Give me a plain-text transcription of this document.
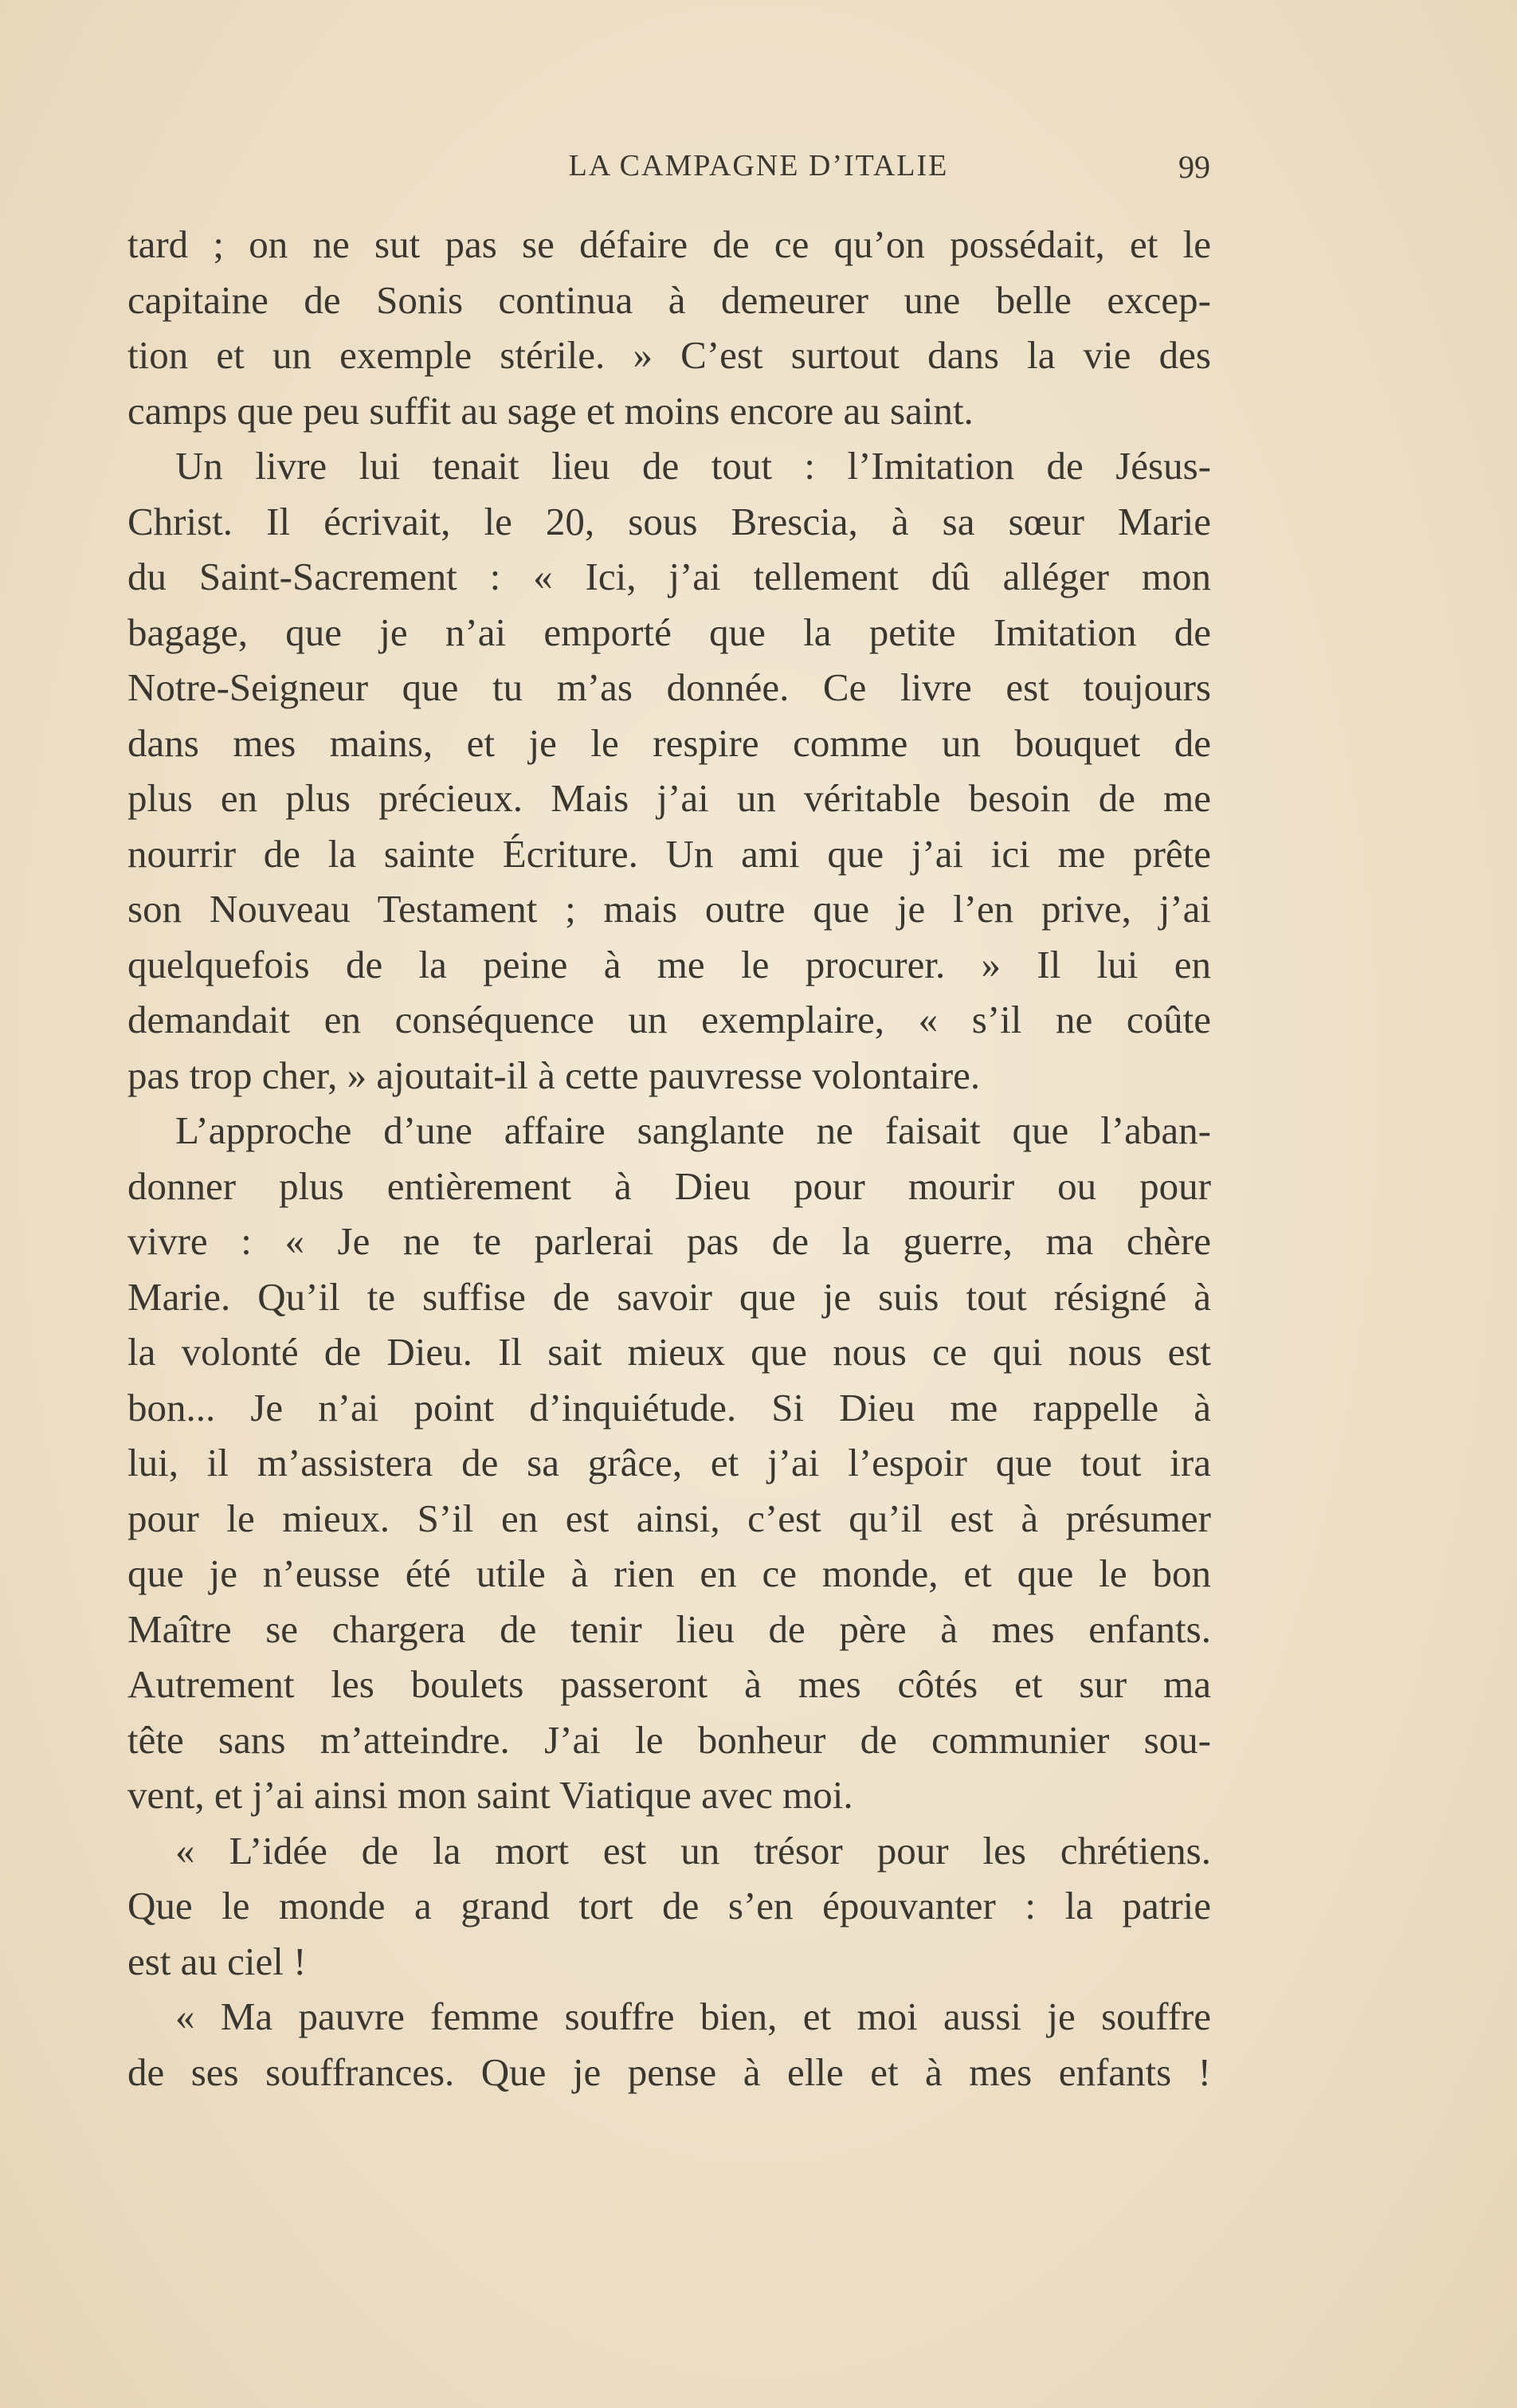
LA CAMPAGNE D’ITALIE	99
tard ; on ne sut pas se défaire de ce qu’on possédait, et le
capitaine de Sonis continua à demeurer une belle excep-
tion et un exemple stérile. » C’est surtout dans la vie des
camps que peu suffit au sage et moins encore au saint.
Un livre lui tenait lieu de tout : l’Imitation de Jésus-
Christ. Il écrivait, le 20, sous Brescia, à sa sœur Marie
du Saint-Sacrement : « Ici, j’ai tellement dû alléger mon
bagage, que je n’ai emporté que la petite Imitation de
Notre-Seigneur que tu m’as donnée. Ce livre est toujours
dans mes mains, et je le respire comme un bouquet de
plus en plus précieux. Mais j’ai un véritable besoin de me
nourrir de la sainte Écriture. Un ami que j’ai ici me prête
son Nouveau Testament ; mais outre que je l’en prive, j’ai
quelquefois de la peine à me le procurer. » Il lui en
demandait en conséquence un exemplaire, « s’il ne coûte
pas trop cher, » ajoutait-il à cette pauvresse volontaire.
L’approche d’une affaire sanglante ne faisait que l’aban-
donner plus entièrement à Dieu pour mourir ou pour
vivre : « Je ne te parlerai pas de la guerre, ma chère
Marie. Qu’il te suffise de savoir que je suis tout résigné à
la volonté de Dieu. Il sait mieux que nous ce qui nous est
bon... Je n’ai point d’inquiétude. Si Dieu me rappelle à
lui, il m’assistera de sa grâce, et j’ai l’espoir que tout ira
pour le mieux. S’il en est ainsi, c’est qu’il est à présumer
que je n’eusse été utile à rien en ce monde, et que le bon
Maître se chargera de tenir lieu de père à mes enfants.
Autrement les boulets passeront à mes côtés et sur ma
tête sans m’atteindre. J’ai le bonheur de communier sou-
vent, et j’ai ainsi mon saint Viatique avec moi.
« L’idée de la mort est un trésor pour les chrétiens.
Que le monde a grand tort de s’en épouvanter : la patrie
est au ciel !
« Ma pauvre femme souffre bien, et moi aussi je souffre
de ses souffrances. Que je pense à elle et à mes enfants !
